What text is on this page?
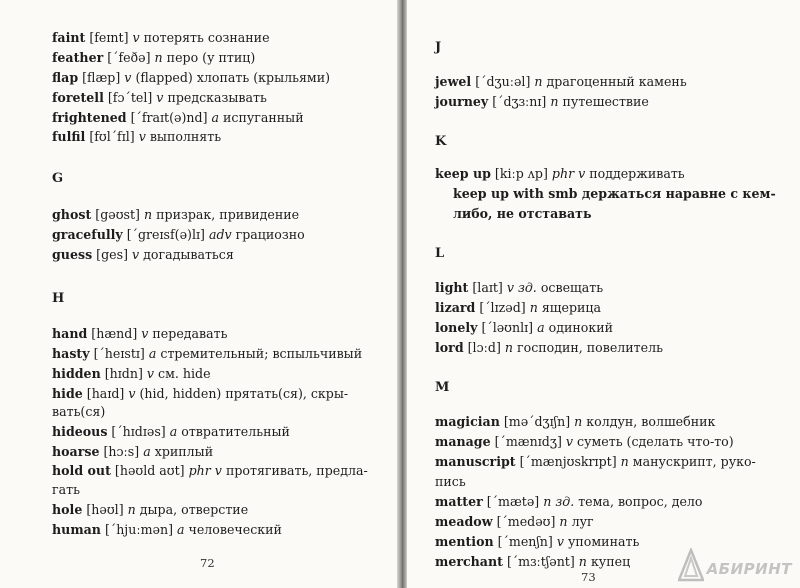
faint [feɪnt] v потерять сознание
feather [´feðə] n перо (у птиц)
flap [flæp] v (flapped) хлопать (крыльями)
foretell [fɔ´tel] v предсказывать
frightened [´fraɪt(ə)nd] a испуганный
fulfil [fʊl´fɪl] v выполнять
G
ghost [gəʊst] n призрак, привидение
gracefully [´greɪsf(ə)lɪ] adv грациозно
guess [ges] v догадываться
H
hand [hænd] v передавать
hasty [´heɪstɪ] a стремительный; вспыльчивый
hidden [hɪdn] v см. hide
hide [haɪd] v (hid, hidden) прятать(ся), скры-
вать(ся)
hideous [´hɪdɪəs] a отвратительный
hoarse [hɔːs] a хриплый
hold out [həʊld aʊt] phr v протягивать, предла-
гать
hole [həʊl] n дыра, отверстие
human [´hjuːmən] a человеческий
72
J
jewel [´dʒuːəl] n драгоценный камень
journey [´dʒɜːnɪ] n путешествие
K
keep up [kiːp ʌp] phr v поддерживать
keep up with smb держаться наравне с кем-
либо, не отставать
L
light [laɪt] v зд. освещать
lizard [´lɪzəd] n ящерица
lonely [´ləʊnlɪ] a одинокий
lord [lɔːd] n господин, повелитель
M
magician [mə´dʒɪʃn] n колдун, волшебник
manage [´mænɪdʒ] v суметь (сделать что-то)
manuscript [´mænjʊskrɪpt] n манускрипт, руко-
пись
matter [´mætə] n зд. тема, вопрос, дело
meadow [´medəʊ] n луг
mention [´menʃn] v упоминать
merchant [´mɜːtʃənt] n купец
73	АБИРИНТ
